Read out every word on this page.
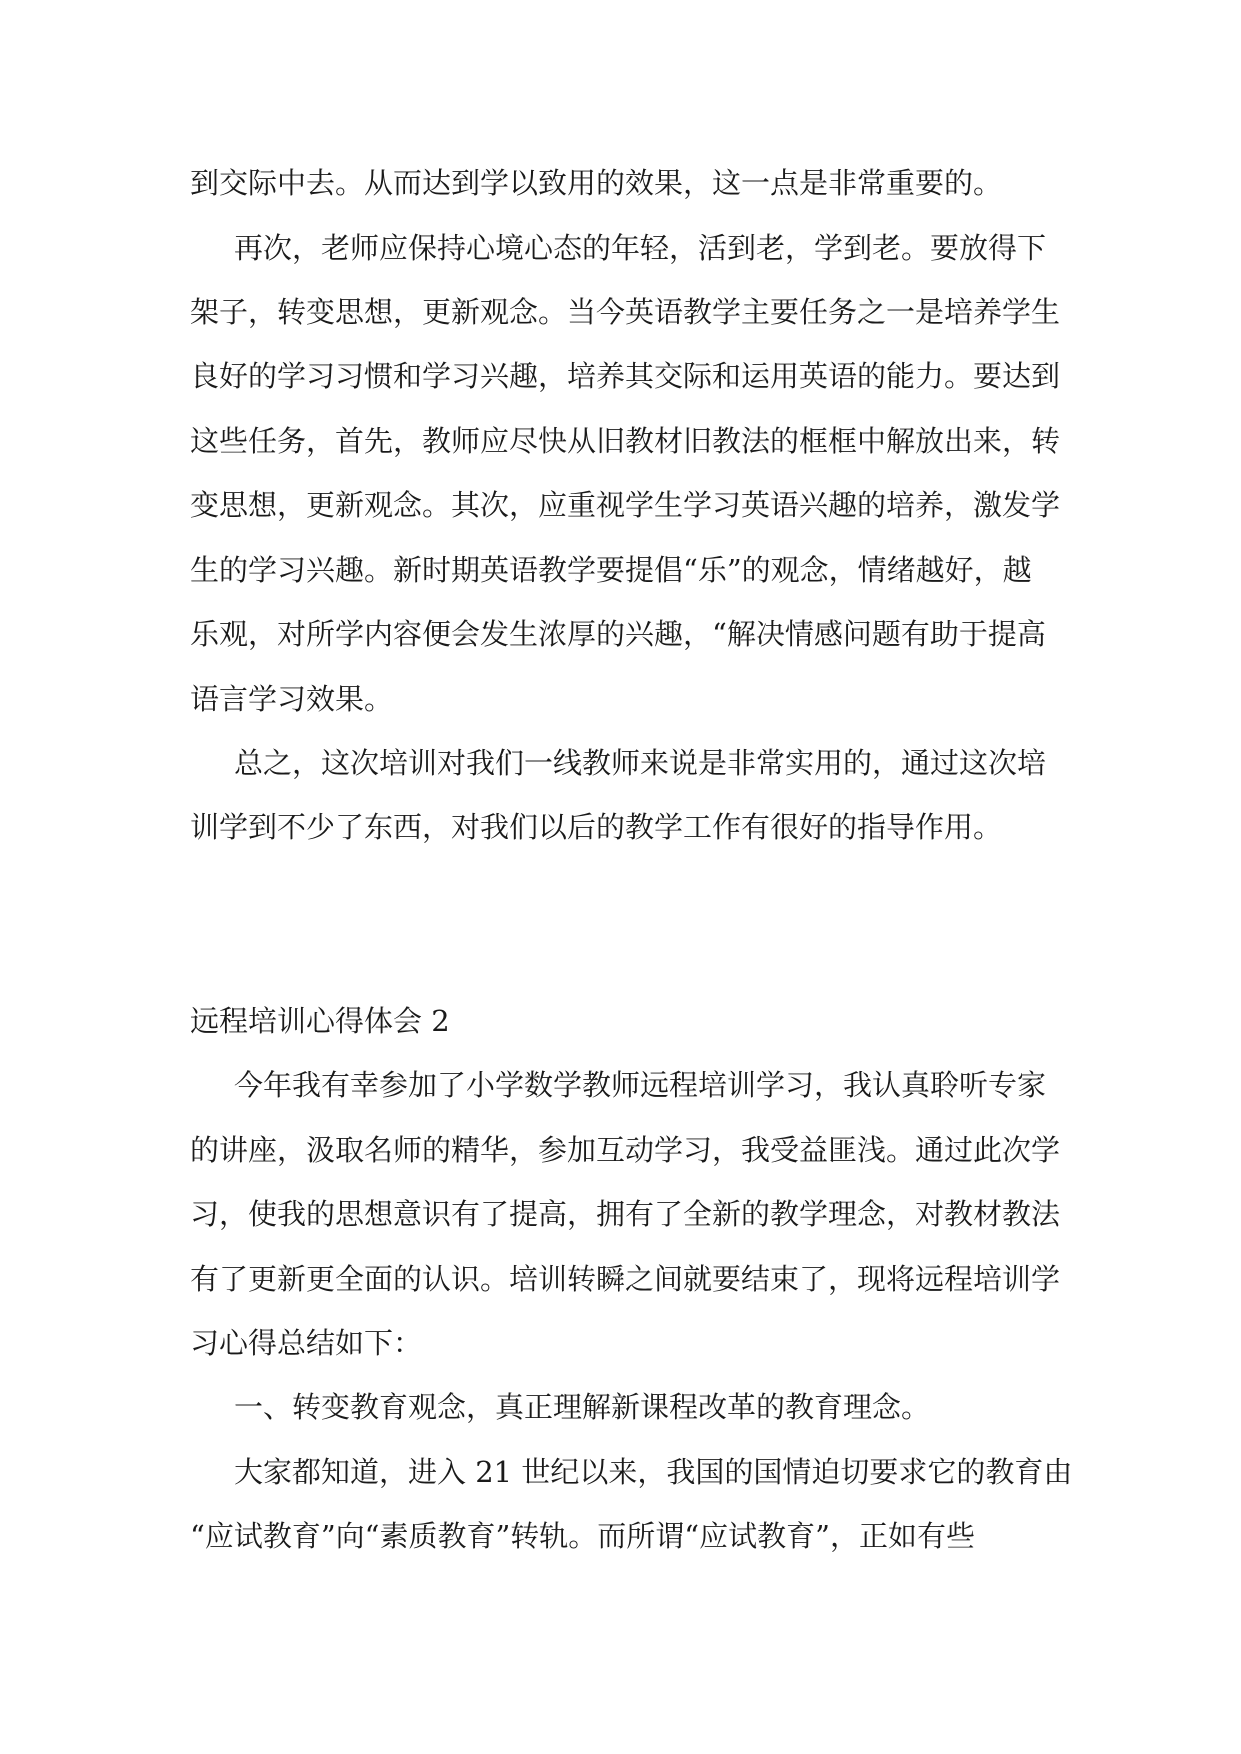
到交际中去。从而达到学以致用的效果，这一点是非常重要的。
再次，老师应保持心境心态的年轻，活到老，学到老。要放得下
架子，转变思想，更新观念。当今英语教学主要任务之一是培养学生
良好的学习习惯和学习兴趣，培养其交际和运用英语的能力。要达到
这些任务，首先，教师应尽快从旧教材旧教法的框框中解放出来，转
变思想，更新观念。其次，应重视学生学习英语兴趣的培养，激发学
生的学习兴趣。新时期英语教学要提倡“乐”的观念，情绪越好，越
乐观，对所学内容便会发生浓厚的兴趣，“解决情感问题有助于提高
语言学习效果。
总之，这次培训对我们一线教师来说是非常实用的，通过这次培
训学到不少了东西，对我们以后的教学工作有很好的指导作用。
远程培训心得体会 2
今年我有幸参加了小学数学教师远程培训学习，我认真聆听专家
的讲座，汲取名师的精华，参加互动学习，我受益匪浅。通过此次学
习，使我的思想意识有了提高，拥有了全新的教学理念，对教材教法
有了更新更全面的认识。培训转瞬之间就要结束了，现将远程培训学
习心得总结如下：
一、转变教育观念，真正理解新课程改革的教育理念。
大家都知道，进入 21 世纪以来，我国的国情迫切要求它的教育由
“应试教育”向“素质教育”转轨。而所谓“应试教育”，正如有些
